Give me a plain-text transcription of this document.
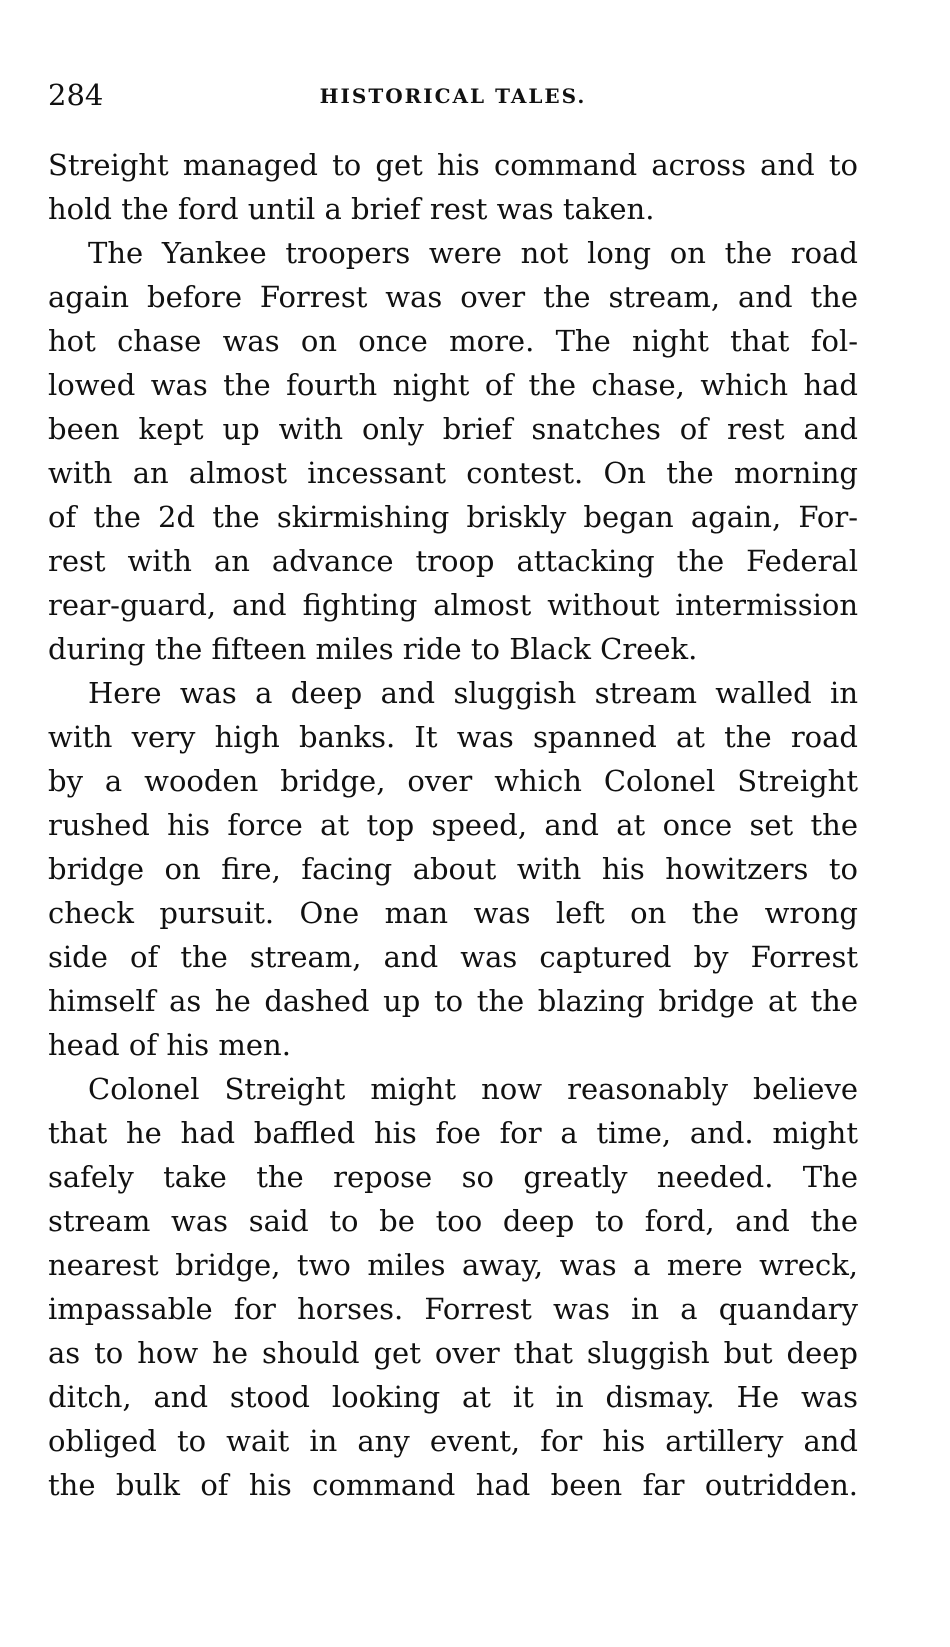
284	HISTORICAL TALES.

Streight managed to get his command across and to
hold the ford until a brief rest was taken.

The Yankee troopers were not long on the road
again before Forrest was over the stream, and the
hot chase was on once more. The night that fol-
lowed was the fourth night of the chase, which had
been kept up with only brief snatches of rest and
with an almost incessant contest. On the morning
of the 2d the skirmishing briskly began again, For-
rest with an advance troop attacking the Federal
rear-guard, and fighting almost without intermission
during the fifteen miles ride to Black Creek.

Here was a deep and sluggish stream walled in
with very high banks. It was spanned at the road
by a wooden bridge, over which Colonel Streight
rushed his force at top speed, and at once set the
bridge on fire, facing about with his howitzers to
check pursuit. One man was left on the wrong
side of the stream, and was captured by Forrest
himself as he dashed up to the blazing bridge at the
head of his men.

Colonel Streight might now reasonably believe
that he had baffled his foe for a time, and. might
safely take the repose so greatly needed. The
stream was said to be too deep to ford, and the
nearest bridge, two miles away, was a mere wreck,
impassable for horses. Forrest was in a quandary
as to how he should get over that sluggish but deep
ditch, and stood looking at it in dismay. He was
obliged to wait in any event, for his artillery and
the bulk of his command had been far outridden.
